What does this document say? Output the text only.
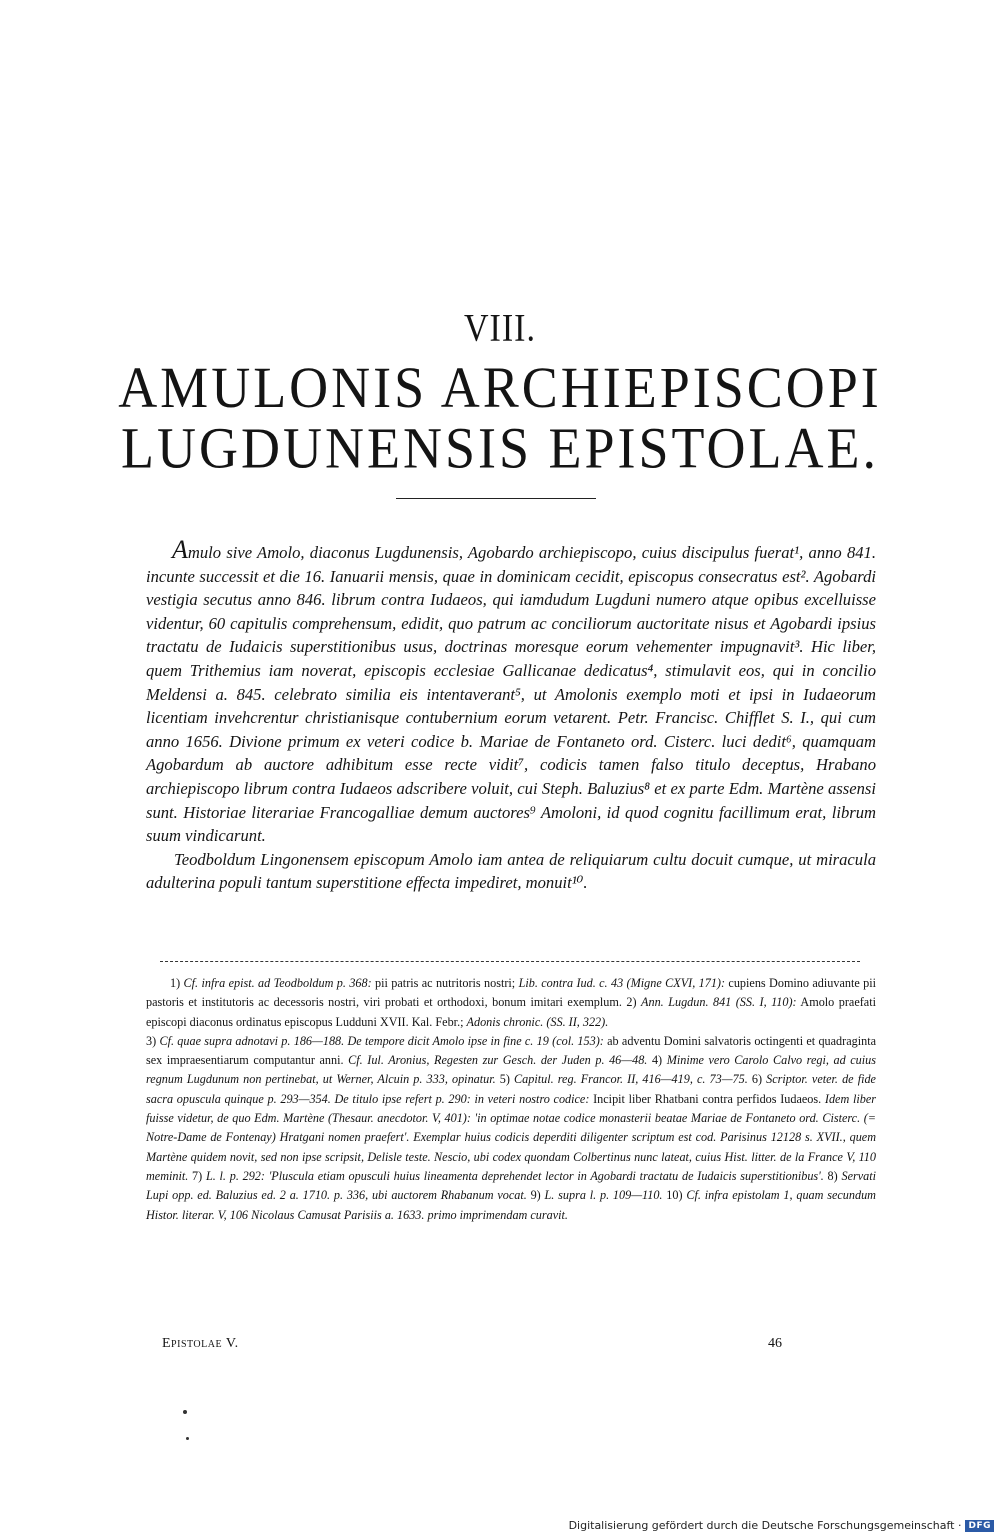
VIII.
AMULONIS ARCHIEPISCOPI
LUGDUNENSIS EPISTOLAE.

Amulo sive Amolo, diaconus Lugdunensis, Agobardo archiepiscopo, cuius discipulus fuerat¹, anno 841. incunte successit et die 16. Ianuarii mensis, quae in dominicam cecidit, episcopus consecratus est². Agobardi vestigia secutus anno 846. librum contra Iudaeos, qui iamdudum Lugduni numero atque opibus excelluisse videntur, 60 capitulis comprehensum, edidit, quo patrum ac conciliorum auctoritate nisus et Agobardi ipsius tractatu de Iudaicis superstitionibus usus, doctrinas moresque eorum vehementer impugnavit³. Hic liber, quem Trithemius iam noverat, episcopis ecclesiae Gallicanae dedicatus⁴, stimulavit eos, qui in concilio Meldensi a. 845. celebrato similia eis intentaverant⁵, ut Amolonis exemplo moti et ipsi in Iudaeorum licentiam invehcrentur christianisque contubernium eorum vetarent. Petr. Francisc. Chifflet S. I., qui cum anno 1656. Divione primum ex veteri codice b. Mariae de Fontaneto ord. Cisterc. luci dedit⁶, quamquam Agobardum ab auctore adhibitum esse recte vidit⁷, codicis tamen falso titulo deceptus, Hrabano archiepiscopo librum contra Iudaeos adscribere voluit, cui Steph. Baluzius⁸ et ex parte Edm. Martène assensi sunt. Historiae literariae Francogalliae demum auctores⁹ Amoloni, id quod cognitu facillimum erat, librum suum vindicarunt.

Teodboldum Lingonensem episcopum Amolo iam antea de reliquiarum cultu docuit cumque, ut miracula adulterina populi tantum superstitione effecta impediret, monuit¹⁰.

1) Cf. infra epist. ad Teodboldum p. 368: pii patris ac nutritoris nostri; Lib. contra Iud. c. 43 (Migne CXVI, 171): cupiens Domino adiuvante pii pastoris et institutoris ac decessoris nostri, viri probati et orthodoxi, bonum imitari exemplum. 2) Ann. Lugdun. 841 (SS. I, 110): Amolo praefati episcopi diaconus ordinatus episcopus Ludduni XVII. Kal. Febr.; Adonis chronic. (SS. II, 322).
3) Cf. quae supra adnotavi p. 186—188. De tempore dicit Amolo ipse in fine c. 19 (col. 153): ab adventu Domini salvatoris octingenti et quadraginta sex impraesentiarum computantur anni. Cf. Iul. Aronius, Regesten zur Gesch. der Juden p. 46—48. 4) Minime vero Carolo Calvo regi, ad cuius regnum Lugdunum non pertinebat, ut Werner, Alcuin p. 333, opinatur. 5) Capitul. reg. Francor. II, 416—419, c. 73—75. 6) Scriptor. veter. de fide sacra opuscula quinque p. 293—354. De titulo ipse refert p. 290: in veteri nostro codice: Incipit liber Rhatbani contra perfidos Iudaeos. Idem liber fuisse videtur, de quo Edm. Martène (Thesaur. anecdotor. V, 401): 'in optimae notae codice monasterii beatae Mariae de Fontaneto ord. Cisterc. (= Notre-Dame de Fontenay) Hratgani nomen praefert'. Exemplar huius codicis deperditi diligenter scriptum est cod. Parisinus 12128 s. XVII., quem Martène quidem novit, sed non ipse scripsit, Delisle teste. Nescio, ubi codex quondam Colbertinus nunc lateat, cuius Hist. litter. de la France V, 110 meminit. 7) L. l. p. 292: 'Pluscula etiam opusculi huius lineamenta deprehendet lector in Agobardi tractatu de Iudaicis superstitionibus'. 8) Servati Lupi opp. ed. Baluzius ed. 2 a. 1710. p. 336, ubi auctorem Rhabanum vocat. 9) L. supra l. p. 109—110. 10) Cf. infra epistolam 1, quam secundum Histor. literar. V, 106 Nicolaus Camusat Parisiis a. 1633. primo imprimendam curavit.

Epistolae V.	46
Digitalisierung gefördert durch die Deutsche Forschungsgemeinschaft · DFG
